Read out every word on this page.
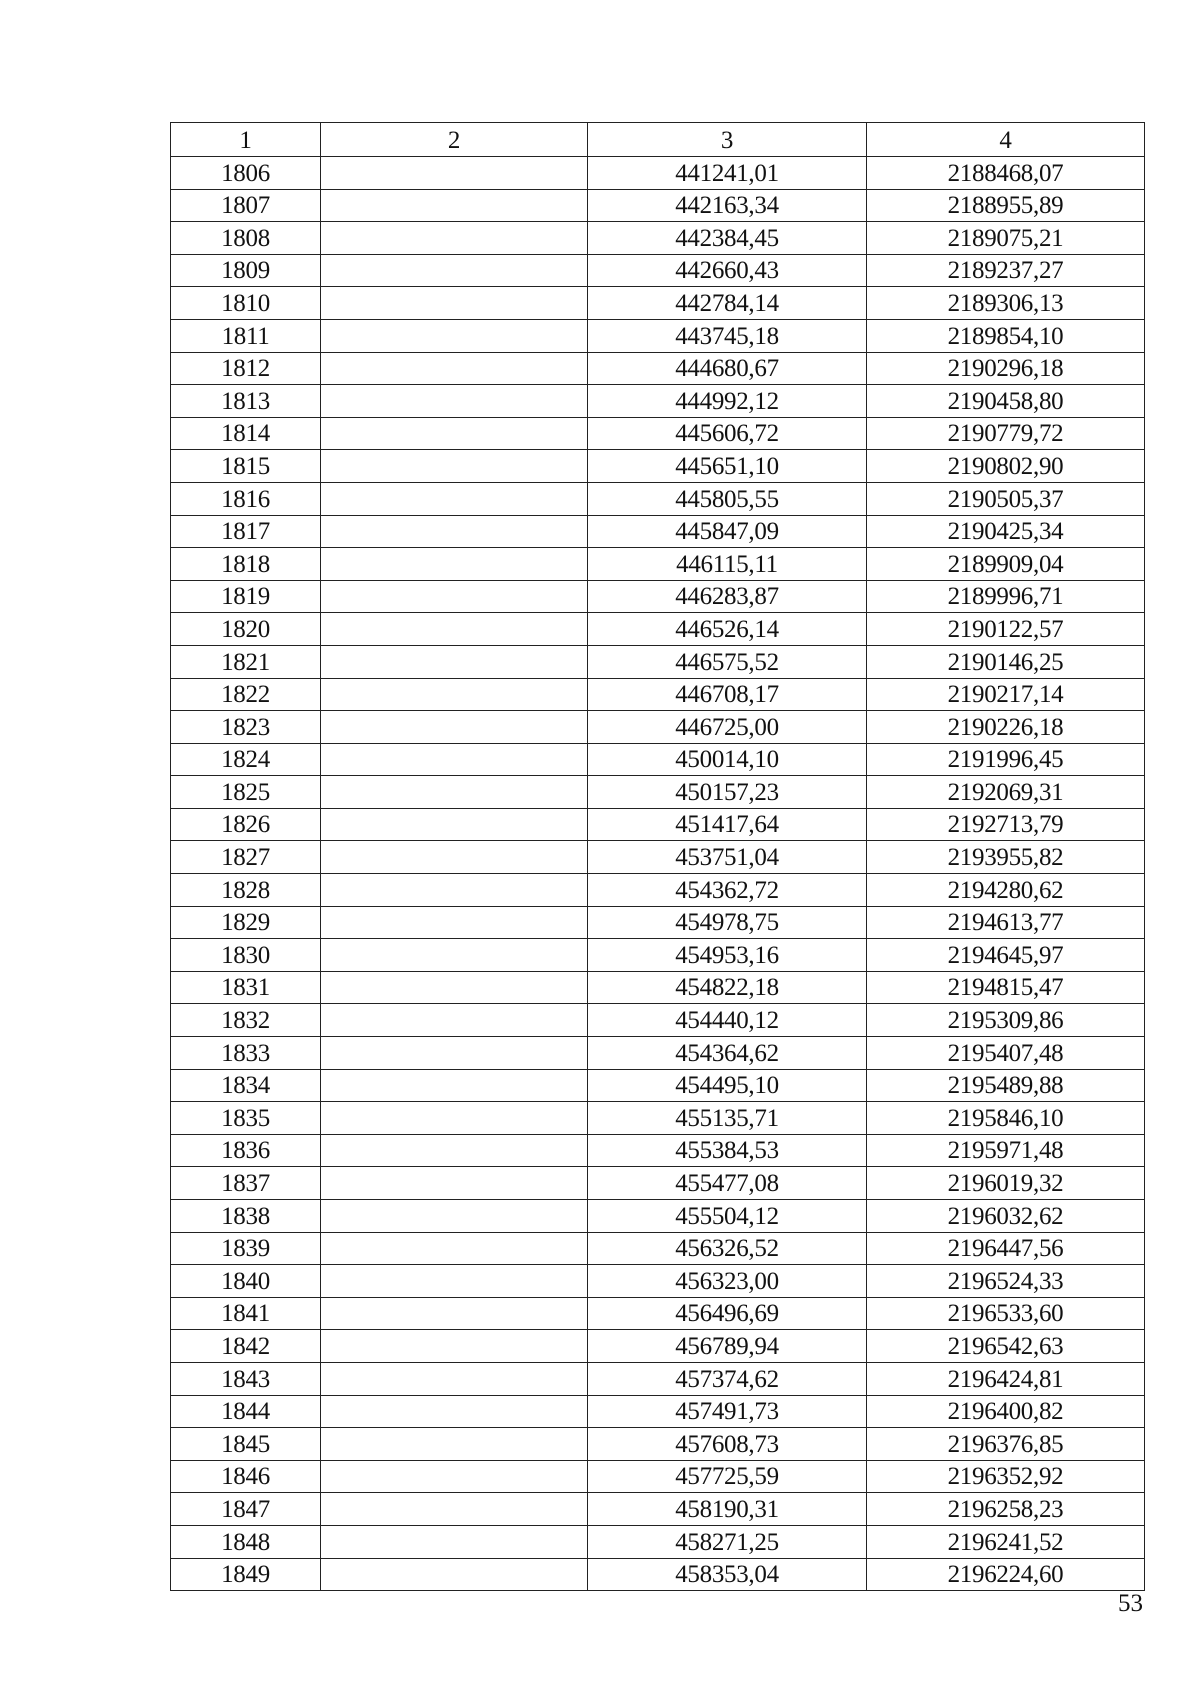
1	2	3	4
1806		441241,01	2188468,07
1807		442163,34	2188955,89
1808		442384,45	2189075,21
1809		442660,43	2189237,27
1810		442784,14	2189306,13
1811		443745,18	2189854,10
1812		444680,67	2190296,18
1813		444992,12	2190458,80
1814		445606,72	2190779,72
1815		445651,10	2190802,90
1816		445805,55	2190505,37
1817		445847,09	2190425,34
1818		446115,11	2189909,04
1819		446283,87	2189996,71
1820		446526,14	2190122,57
1821		446575,52	2190146,25
1822		446708,17	2190217,14
1823		446725,00	2190226,18
1824		450014,10	2191996,45
1825		450157,23	2192069,31
1826		451417,64	2192713,79
1827		453751,04	2193955,82
1828		454362,72	2194280,62
1829		454978,75	2194613,77
1830		454953,16	2194645,97
1831		454822,18	2194815,47
1832		454440,12	2195309,86
1833		454364,62	2195407,48
1834		454495,10	2195489,88
1835		455135,71	2195846,10
1836		455384,53	2195971,48
1837		455477,08	2196019,32
1838		455504,12	2196032,62
1839		456326,52	2196447,56
1840		456323,00	2196524,33
1841		456496,69	2196533,60
1842		456789,94	2196542,63
1843		457374,62	2196424,81
1844		457491,73	2196400,82
1845		457608,73	2196376,85
1846		457725,59	2196352,92
1847		458190,31	2196258,23
1848		458271,25	2196241,52
1849		458353,04	2196224,60
53
